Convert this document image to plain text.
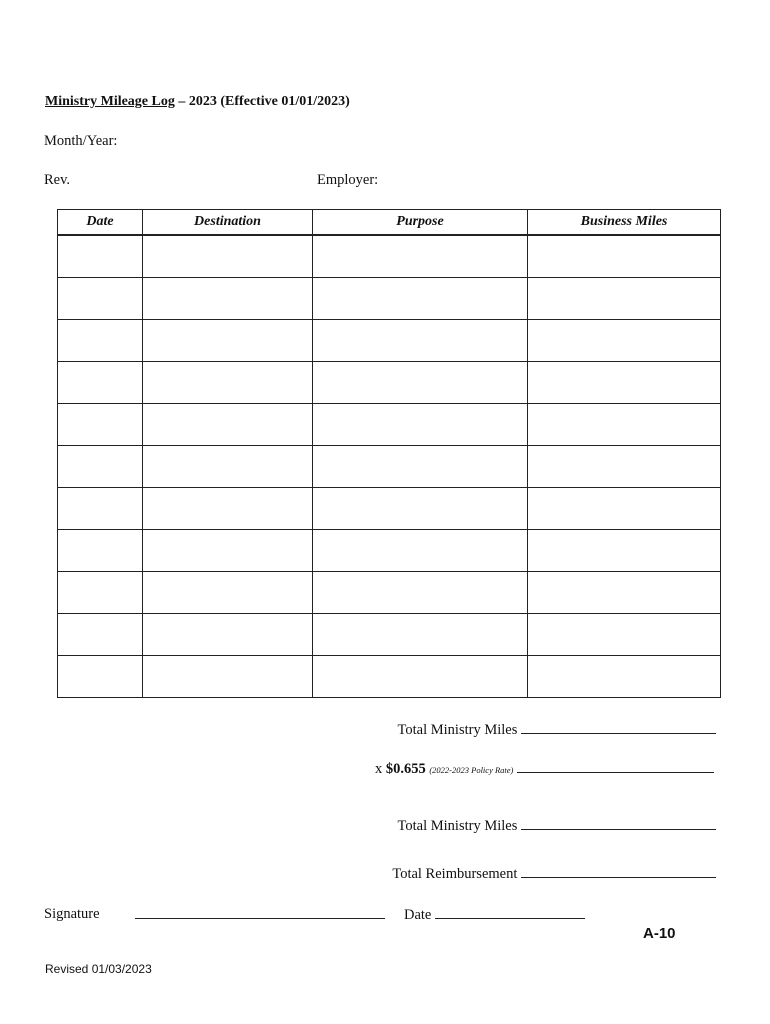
Ministry Mileage Log – 2023 (Effective 01/01/2023)
Month/Year:
Rev.	Employer:
Date	Destination	Purpose	Business Miles

Total Ministry Miles
x $0.655 (2022-2023 Policy Rate)
Total Ministry Miles
Total Reimbursement
Signature	Date
A-10
Revised 01/03/2023
